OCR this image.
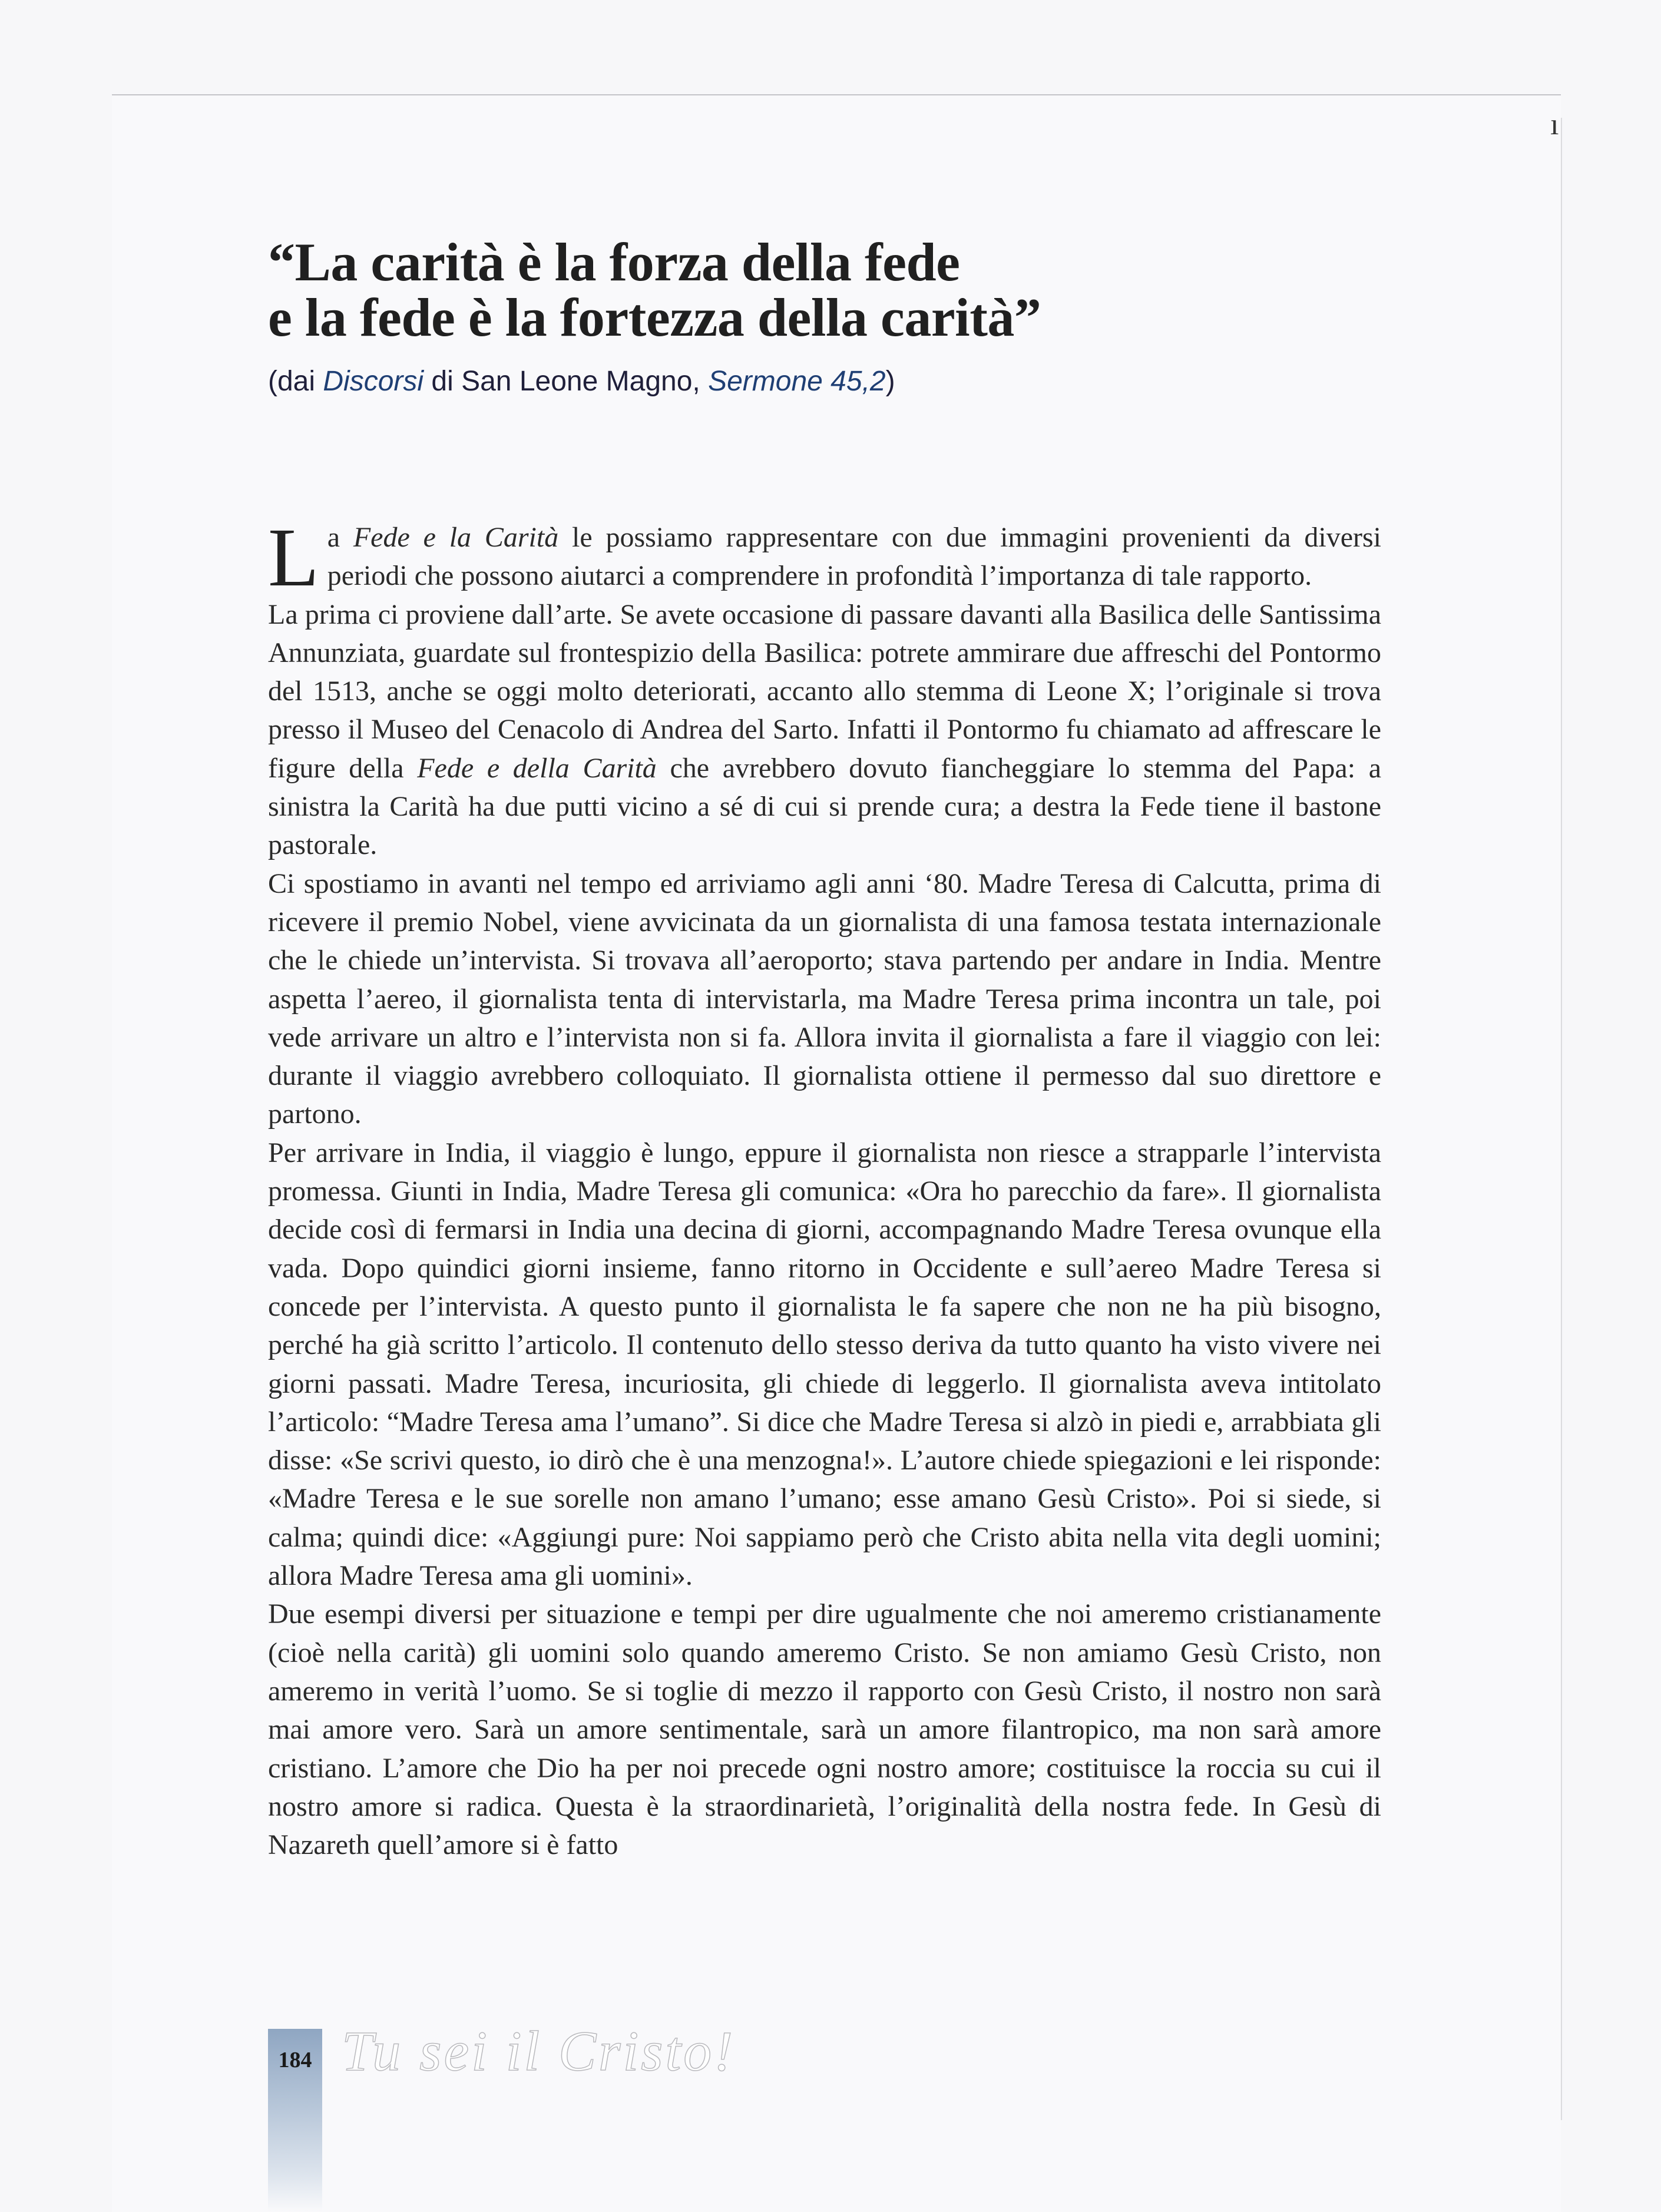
ı
“La carità è la forza della fede
e la fede è la fortezza della carità”

(dai Discorsi di San Leone Magno, Sermone 45,2)

La Fede e la Carità le possiamo rappresentare con due immagini provenienti da diversi periodi che possono aiutarci a comprendere in profondità l’importanza di tale rapporto.

La prima ci proviene dall’arte. Se avete occasione di passare davanti alla Basilica delle Santissima Annunziata, guardate sul frontespizio della Basilica: potrete ammirare due affreschi del Pontormo del 1513, anche se oggi molto deteriorati, accanto allo stemma di Leone X; l’originale si trova presso il Museo del Cenacolo di Andrea del Sarto. Infatti il Pontormo fu chiamato ad affrescare le figure della Fede e della Carità che avrebbero dovuto fiancheggiare lo stemma del Papa: a sinistra la Carità ha due putti vicino a sé di cui si prende cura; a destra la Fede tiene il bastone pastorale.

Ci spostiamo in avanti nel tempo ed arriviamo agli anni ‘80. Madre Teresa di Calcutta, prima di ricevere il premio Nobel, viene avvicinata da un giornalista di una famosa testata internazionale che le chiede un’intervista. Si trovava all’aeroporto; stava partendo per andare in India. Mentre aspetta l’aereo, il giornalista tenta di intervistarla, ma Madre Teresa prima incontra un tale, poi vede arrivare un altro e l’intervista non si fa. Allora invita il giornalista a fare il viaggio con lei: durante il viaggio avrebbero colloquiato. Il giornalista ottiene il permesso dal suo direttore e partono.

Per arrivare in India, il viaggio è lungo, eppure il giornalista non riesce a strapparle l’intervista promessa. Giunti in India, Madre Teresa gli comunica: «Ora ho parecchio da fare». Il giornalista decide così di fermarsi in India una decina di giorni, accompagnando Madre Teresa ovunque ella vada. Dopo quindici giorni insieme, fanno ritorno in Occidente e sull’aereo Madre Teresa si concede per l’intervista. A questo punto il giornalista le fa sapere che non ne ha più bisogno, perché ha già scritto l’articolo. Il contenuto dello stesso deriva da tutto quanto ha visto vivere nei giorni passati. Madre Teresa, incuriosita, gli chiede di leggerlo. Il giornalista aveva intitolato l’articolo: “Madre Teresa ama l’umano”. Si dice che Madre Teresa si alzò in piedi e, arrabbiata gli disse: «Se scrivi questo, io dirò che è una menzogna!». L’autore chiede spiegazioni e lei risponde: «Madre Teresa e le sue sorelle non amano l’umano; esse amano Gesù Cristo». Poi si siede, si calma; quindi dice: «Aggiungi pure: Noi sappiamo però che Cristo abita nella vita degli uomini; allora Madre Teresa ama gli uomini».

Due esempi diversi per situazione e tempi per dire ugualmente che noi ameremo cristianamente (cioè nella carità) gli uomini solo quando ameremo Cristo. Se non amiamo Gesù Cristo, non ameremo in verità l’uomo. Se si toglie di mezzo il rapporto con Gesù Cristo, il nostro non sarà mai amore vero. Sarà un amore sentimentale, sarà un amore filantropico, ma non sarà amore cristiano. L’amore che Dio ha per noi precede ogni nostro amore; costituisce la roccia su cui il nostro amore si radica. Questa è la straordinarietà, l’originalità della nostra fede. In Gesù di Nazareth quell’amore si è fatto

184 Tu sei il Cristo!
